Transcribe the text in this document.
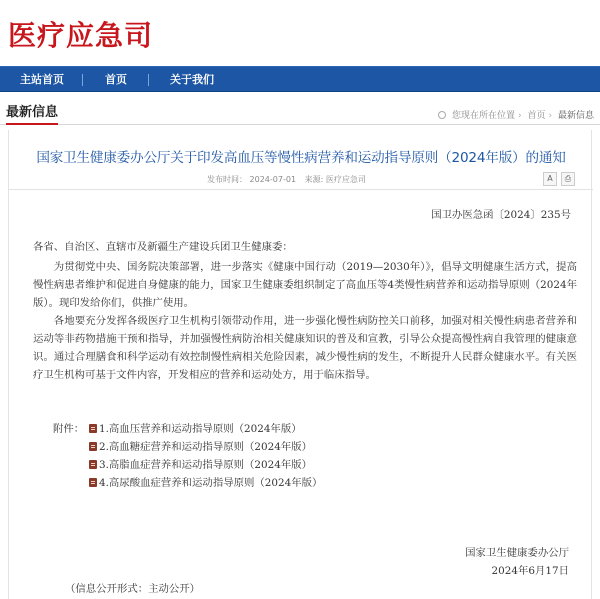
医疗应急司
主站首页	首页	关于我们
最新信息	您现在所在位置 › 首页 › 最新信息
国家卫生健康委办公厅关于印发高血压等慢性病营养和运动指导原则（2024年版）的通知
发布时间： 2024-07-01 来源: 医疗应急司	A	⎙
国卫办医急函〔2024〕235号
各省、自治区、直辖市及新疆生产建设兵团卫生健康委：

为贯彻党中央、国务院决策部署，进一步落实《健康中国行动（2019—2030年）》，倡导文明健康生活方式，提高慢性病患者维护和促进自身健康的能力，国家卫生健康委组织制定了高血压等4类慢性病营养和运动指导原则（2024年版）。现印发给你们，供推广使用。

各地要充分发挥各级医疗卫生机构引领带动作用，进一步强化慢性病防控关口前移，加强对相关慢性病患者营养和运动等非药物措施干预和指导，并加强慢性病防治相关健康知识的普及和宣教，引导公众提高慢性病自我管理的健康意识。通过合理膳食和科学运动有效控制慢性病相关危险因素，减少慢性病的发生，不断提升人民群众健康水平。有关医疗卫生机构可基于文件内容，开发相应的营养和运动处方，用于临床指导。

附件：	1.高血压营养和运动指导原则（2024年版）
2.高血糖症营养和运动指导原则（2024年版）
3.高脂血症营养和运动指导原则（2024年版）
4.高尿酸血症营养和运动指导原则（2024年版）
国家卫生健康委办公厅
2024年6月17日
（信息公开形式：主动公开）
